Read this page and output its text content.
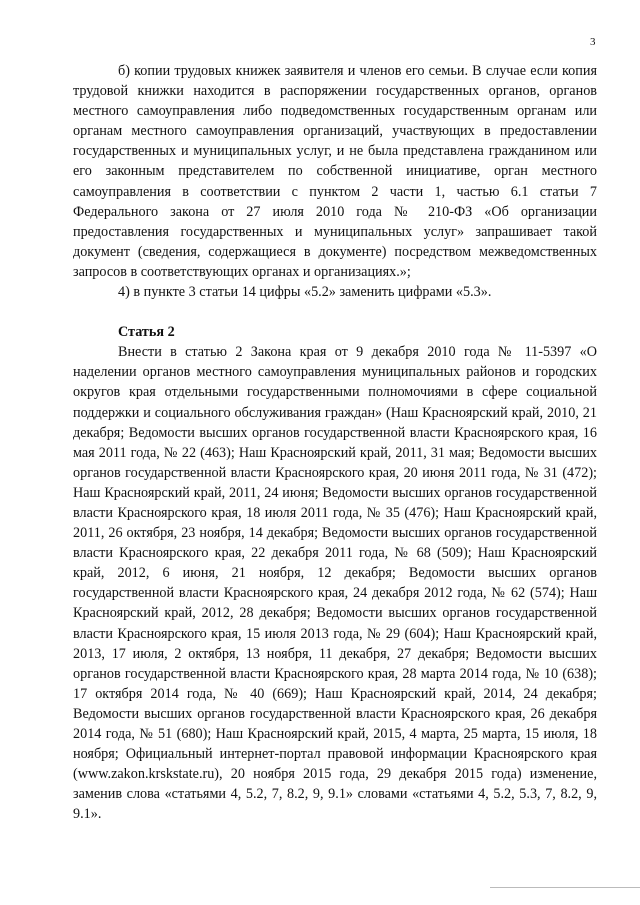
3

б) копии трудовых книжек заявителя и членов его семьи. В случае если копия трудовой книжки находится в распоряжении государственных органов, органов местного самоуправления либо подведомственных государственным органам или органам местного самоуправления организаций, участвующих в предоставлении государственных и муниципальных услуг, и не была представлена гражданином или его законным представителем по собственной инициативе, орган местного самоуправления в соответствии с пунктом 2 части 1, частью 6.1 статьи 7 Федерального закона от 27 июля 2010 года № 210-ФЗ «Об организации предоставления государственных и муниципальных услуг» запрашивает такой документ (сведения, содержащиеся в документе) посредством межведомственных запросов в соответствующих органах и организациях.»;

4) в пункте 3 статьи 14 цифры «5.2» заменить цифрами «5.3».

Статья 2

Внести в статью 2 Закона края от 9 декабря 2010 года № 11-5397 «О наделении органов местного самоуправления муниципальных районов и городских округов края отдельными государственными полномочиями в сфере социальной поддержки и социального обслуживания граждан» (Наш Красноярский край, 2010, 21 декабря; Ведомости высших органов государственной власти Красноярского края, 16 мая 2011 года, № 22 (463); Наш Красноярский край, 2011, 31 мая; Ведомости высших органов государственной власти Красноярского края, 20 июня 2011 года, № 31 (472); Наш Красноярский край, 2011, 24 июня; Ведомости высших органов государственной власти Красноярского края, 18 июля 2011 года, № 35 (476); Наш Красноярский край, 2011, 26 октября, 23 ноября, 14 декабря; Ведомости высших органов государственной власти Красноярского края, 22 декабря 2011 года, № 68 (509); Наш Красноярский край, 2012, 6 июня, 21 ноября, 12 декабря; Ведомости высших органов государственной власти Красноярского края, 24 декабря 2012 года, № 62 (574); Наш Красноярский край, 2012, 28 декабря; Ведомости высших органов государственной власти Красноярского края, 15 июля 2013 года, № 29 (604); Наш Красноярский край, 2013, 17 июля, 2 октября, 13 ноября, 11 декабря, 27 декабря; Ведомости высших органов государственной власти Красноярского края, 28 марта 2014 года, № 10 (638); 17 октября 2014 года, № 40 (669); Наш Красноярский край, 2014, 24 декабря; Ведомости высших органов государственной власти Красноярского края, 26 декабря 2014 года, № 51 (680); Наш Красноярский край, 2015, 4 марта, 25 марта, 15 июля, 18 ноября; Официальный интернет-портал правовой информации Красноярского края (www.zakon.krskstate.ru), 20 ноября 2015 года, 29 декабря 2015 года) изменение, заменив слова «статьями 4, 5.2, 7, 8.2, 9, 9.1» словами «статьями 4, 5.2, 5.3, 7, 8.2, 9, 9.1».
